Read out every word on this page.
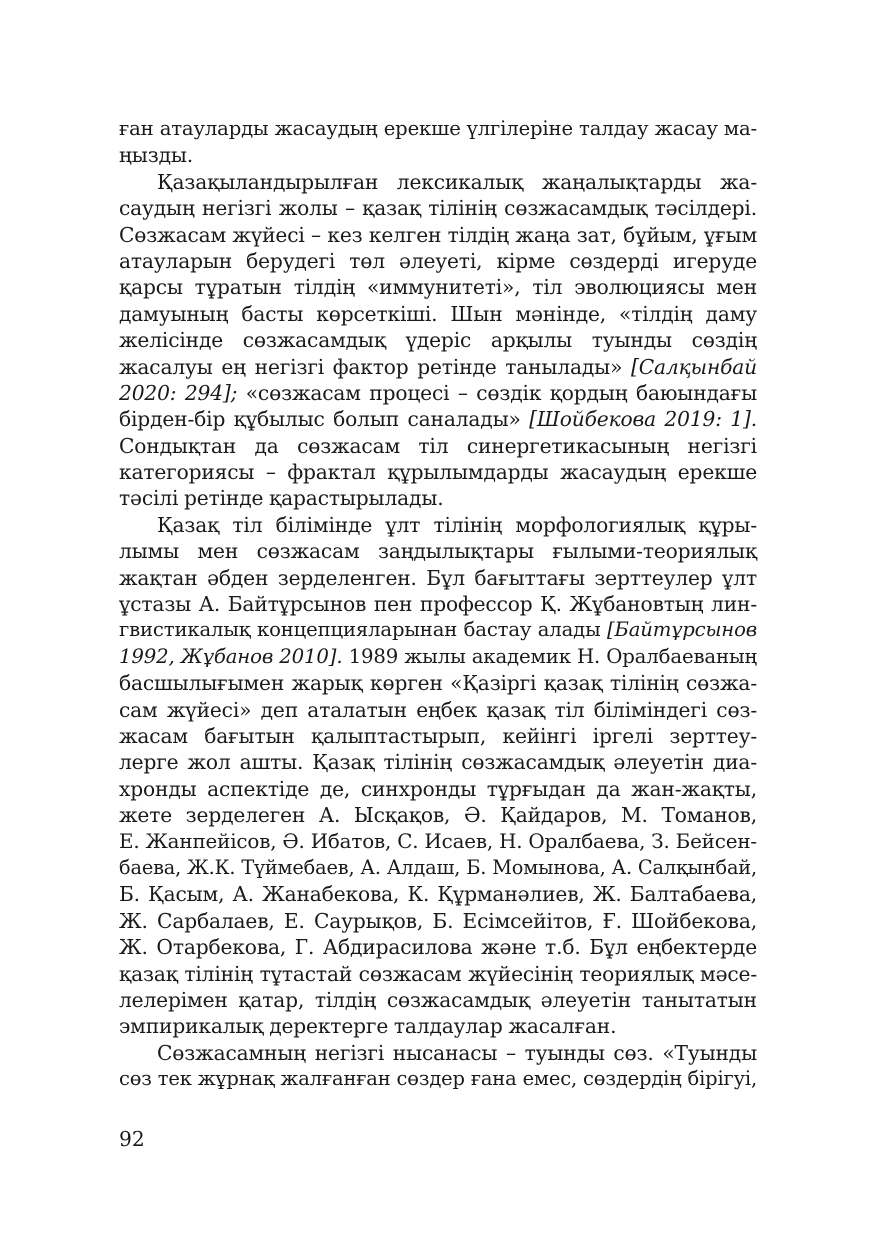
ған атауларды жасаудың ерекше үлгілеріне талдау жасау ма-
ңызды.
Қазақыландырылған лексикалық жаңалықтарды жа-
саудың негізгі жолы – қазақ тілінің сөзжасамдық тәсілдері.
Сөзжасам жүйесі – кез келген тілдің жаңа зат, бұйым, ұғым
атауларын берудегі төл әлеуеті, кірме сөздерді игеруде
қарсы тұратын тілдің «иммунитеті», тіл эволюциясы мен
дамуының басты көрсеткіші. Шын мәнінде, «тілдің даму
желісінде сөзжасамдық үдеріс арқылы туынды сөздің
жасалуы ең негізгі фактор ретінде танылады» [Салқынбай
2020: 294]; «сөзжасам процесі – сөздік қордың баюындағы
бірден-бір құбылыс болып саналады» [Шойбекова 2019: 1].
Сондықтан да сөзжасам тіл синергетикасының негізгі
категориясы – фрактал құрылымдарды жасаудың ерекше
тәсілі ретінде қарастырылады.
Қазақ тіл білімінде ұлт тілінің морфологиялық құры-
лымы мен сөзжасам заңдылықтары ғылыми-теориялық
жақтан әбден зерделенген. Бұл бағыттағы зерттеулер ұлт
ұстазы А. Байтұрсынов пен профессор Қ. Жұбановтың лин-
гвистикалық концепцияларынан бастау алады [Байтұрсынов
1992, Жұбанов 2010]. 1989 жылы академик Н. Оралбаеваның
басшылығымен жарық көрген «Қазіргі қазақ тілінің сөзжа-
сам жүйесі» деп аталатын еңбек қазақ тіл біліміндегі сөз-
жасам бағытын қалыптастырып, кейінгі іргелі зерттеу-
лерге жол ашты. Қазақ тілінің сөзжасамдық әлеуетін диа-
хронды аспектіде де, синхронды тұрғыдан да жан-жақты,
жете зерделеген А. Ысқақов, Ә. Қайдаров, М. Томанов,
Е. Жанпейісов, Ә. Ибатов, С. Исаев, Н. Оралбаева, З. Бейсен-
баева, Ж.К. Түймебаев, А. Алдаш, Б. Момынова, А. Салқынбай,
Б. Қасым, А. Жанабекова, К. Құрманәлиев, Ж. Балтабаева,
Ж. Сарбалаев, Е. Саурықов, Б. Есімсейітов, Ғ. Шойбекова,
Ж. Отарбекова, Г. Абдирасилова және т.б. Бұл еңбектерде
қазақ тілінің тұтастай сөзжасам жүйесінің теориялық мәсе-
лелерімен қатар, тілдің сөзжасамдық әлеуетін танытатын
эмпирикалық деректерге талдаулар жасалған.
Сөзжасамның негізгі нысанасы – туынды сөз. «Туынды
сөз тек жұрнақ жалғанған сөздер ғана емес, сөздердің бірігуі,
92
